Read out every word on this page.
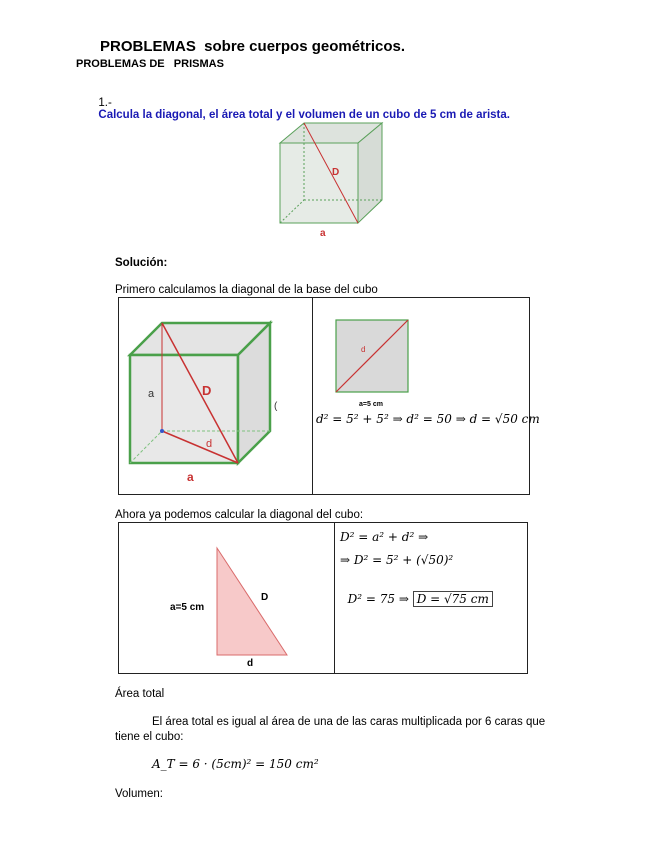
PROBLEMAS  sobre cuerpos geométricos.
PROBLEMAS DE   PRISMAS

1.-
Calcula la diagonal, el área total y el volumen de un cubo de 5 cm de arista.

D
a
Solución:
Primero calculamos la diagonal de la base del cubo
a	D
d
a
(
d
a=5 cm
d² = 5² + 5² ⇒ d² = 50 ⇒ d = √50 cm
Ahora ya podemos calcular la diagonal del cubo:
a=5 cm
D
d
D² = a² + d² ⇒
⇒ D² = 5² + (√50)²

D² = 75 ⇒ D = √75 cm

Área total
El área total es igual al área de una de las caras multiplicada por 6 caras que
tiene el cubo:
A_T = 6 · (5cm)² = 150 cm²
Volumen:
